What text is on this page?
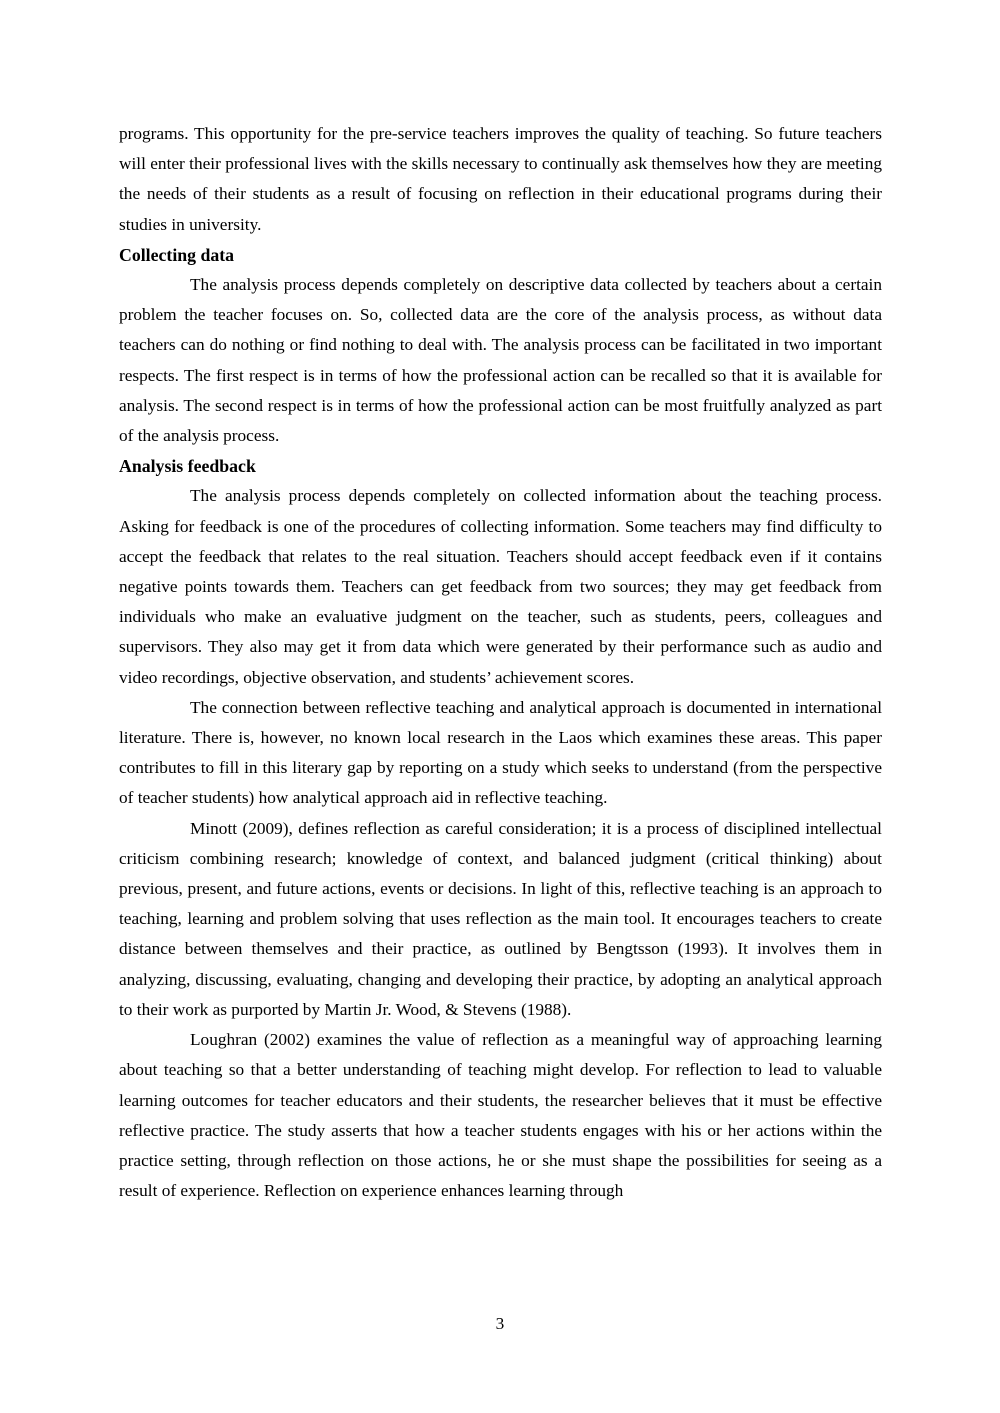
programs. This opportunity for the pre-service teachers improves the quality of teaching. So future teachers will enter their professional lives with the skills necessary to continually ask themselves how they are meeting the needs of their students as a result of focusing on reflection in their educational programs during their studies in university.

Collecting data

The analysis process depends completely on descriptive data collected by teachers about a certain problem the teacher focuses on. So, collected data are the core of the analysis process, as without data teachers can do nothing or find nothing to deal with. The analysis process can be facilitated in two important respects. The first respect is in terms of how the professional action can be recalled so that it is available for analysis. The second respect is in terms of how the professional action can be most fruitfully analyzed as part of the analysis process.

Analysis feedback

The analysis process depends completely on collected information about the teaching process. Asking for feedback is one of the procedures of collecting information. Some teachers may find difficulty to accept the feedback that relates to the real situation. Teachers should accept feedback even if it contains negative points towards them. Teachers can get feedback from two sources; they may get feedback from individuals who make an evaluative judgment on the teacher, such as students, peers, colleagues and supervisors. They also may get it from data which were generated by their performance such as audio and video recordings, objective observation, and students’ achievement scores.

The connection between reflective teaching and analytical approach is documented in international literature. There is, however, no known local research in the Laos which examines these areas. This paper contributes to fill in this literary gap by reporting on a study which seeks to understand (from the perspective of teacher students) how analytical approach aid in reflective teaching.

Minott (2009), defines reflection as careful consideration; it is a process of disciplined intellectual criticism combining research; knowledge of context, and balanced judgment (critical thinking) about previous, present, and future actions, events or decisions. In light of this, reflective teaching is an approach to teaching, learning and problem solving that uses reflection as the main tool. It encourages teachers to create distance between themselves and their practice, as outlined by Bengtsson (1993). It involves them in analyzing, discussing, evaluating, changing and developing their practice, by adopting an analytical approach to their work as purported by Martin Jr. Wood, & Stevens (1988).

Loughran (2002) examines the value of reflection as a meaningful way of approaching learning about teaching so that a better understanding of teaching might develop. For reflection to lead to valuable learning outcomes for teacher educators and their students, the researcher believes that it must be effective reflective practice. The study asserts that how a teacher students engages with his or her actions within the practice setting, through reflection on those actions, he or she must shape the possibilities for seeing as a result of experience. Reflection on experience enhances learning through

3
